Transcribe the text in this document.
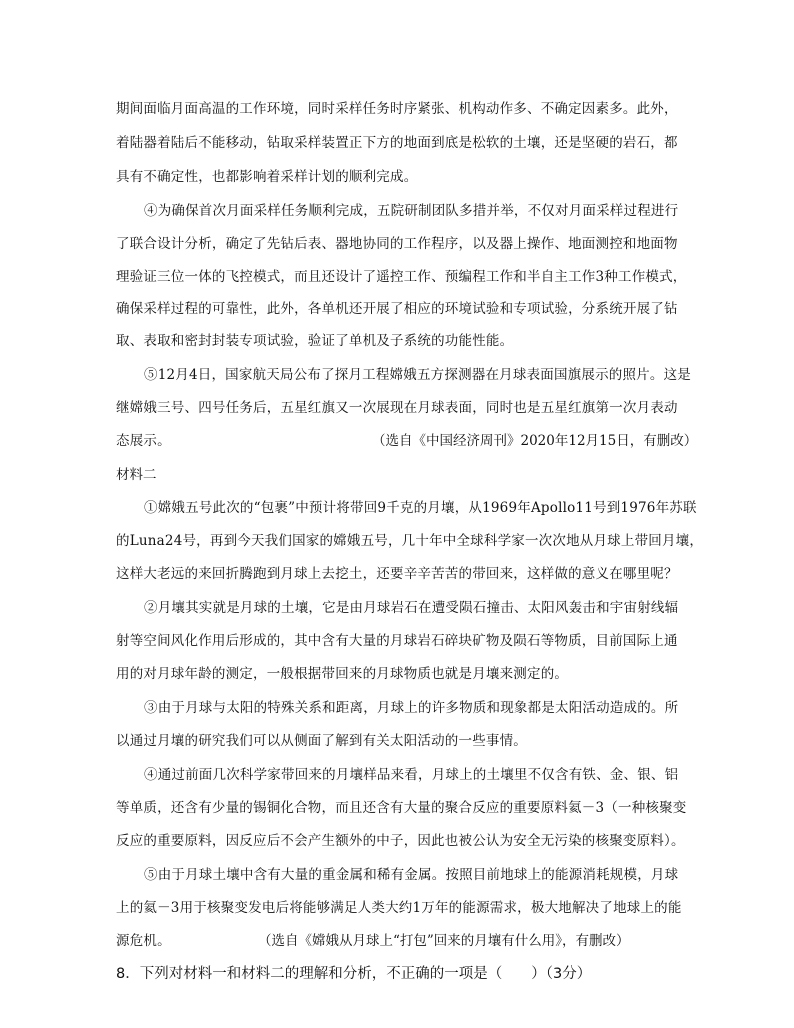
期间面临月面高温的工作环境，同时采样任务时序紧张、机构动作多、不确定因素多。此外，
着陆器着陆后不能移动，钻取采样装置正下方的地面到底是松软的土壤，还是坚硬的岩石，都
具有不确定性，也都影响着采样计划的顺利完成。
④为确保首次月面采样任务顺利完成，五院研制团队多措并举，不仅对月面采样过程进行
了联合设计分析，确定了先钻后表、器地协同的工作程序，以及器上操作、地面测控和地面物
理验证三位一体的飞控模式，而且还设计了遥控工作、预编程工作和半自主工作3种工作模式，
确保采样过程的可靠性，此外，各单机还开展了相应的环境试验和专项试验，分系统开展了钻
取、表取和密封封装专项试验，验证了单机及子系统的功能性能。
⑤12月4日，国家航天局公布了探月工程嫦娥五方探测器在月球表面国旗展示的照片。这是
继嫦娥三号、四号任务后，五星红旗又一次展现在月球表面，同时也是五星红旗第一次月表动
态展示。	（选自《中国经济周刊》2020年12月15日，有删改）
材料二
①嫦娥五号此次的“包裹”中预计将带回9千克的月壤，从1969年Apollo11号到1976年苏联
的Luna24号，再到今天我们国家的嫦娥五号，几十年中全球科学家一次次地从月球上带回月壤，
这样大老远的来回折腾跑到月球上去挖土，还要辛辛苦苦的带回来，这样做的意义在哪里呢？
②月壤其实就是月球的土壤，它是由月球岩石在遭受陨石撞击、太阳风轰击和宇宙射线辐
射等空间风化作用后形成的，其中含有大量的月球岩石碎块矿物及陨石等物质，目前国际上通
用的对月球年龄的测定，一般根据带回来的月球物质也就是月壤来测定的。
③由于月球与太阳的特殊关系和距离，月球上的许多物质和现象都是太阳活动造成的。所
以通过月壤的研究我们可以从侧面了解到有关太阳活动的一些事情。
④通过前面几次科学家带回来的月壤样品来看，月球上的土壤里不仅含有铁、金、银、铝
等单质，还含有少量的锡铜化合物，而且还含有大量的聚合反应的重要原料氦－3（一种核聚变
反应的重要原料，因反应后不会产生额外的中子，因此也被公认为安全无污染的核聚变原料）。
⑤由于月球土壤中含有大量的重金属和稀有金属。按照目前地球上的能源消耗规模，月球
上的氦－3用于核聚变发电后将能够满足人类大约1万年的能源需求，极大地解决了地球上的能
源危机。	（选自《嫦娥从月球上“打包”回来的月壤有什么用》，有删改）
8．下列对材料一和材料二的理解和分析，不正确的一项是（　　）（3分）
